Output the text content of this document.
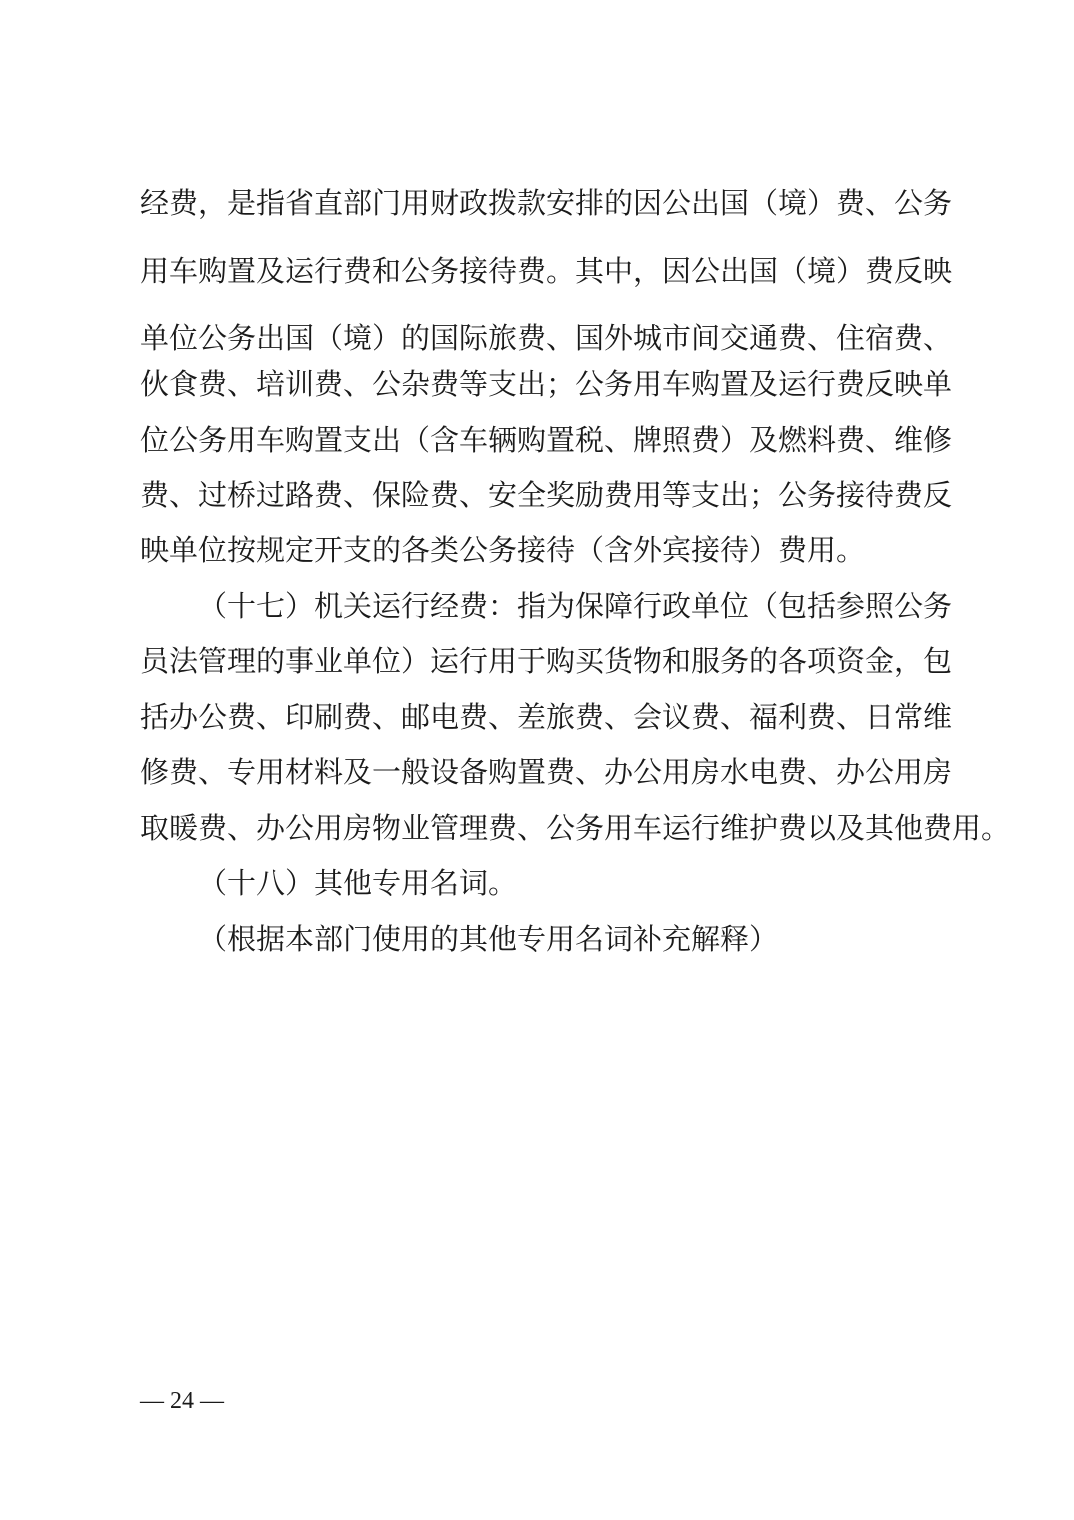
经费，是指省直部门用财政拨款安排的因公出国（境）费、公务
用车购置及运行费和公务接待费。其中，因公出国（境）费反映
单位公务出国（境）的国际旅费、国外城市间交通费、住宿费、
伙食费、培训费、公杂费等支出；公务用车购置及运行费反映单
位公务用车购置支出（含车辆购置税、牌照费）及燃料费、维修
费、过桥过路费、保险费、安全奖励费用等支出；公务接待费反
映单位按规定开支的各类公务接待（含外宾接待）费用。
（十七）机关运行经费：指为保障行政单位（包括参照公务
员法管理的事业单位）运行用于购买货物和服务的各项资金，包
括办公费、印刷费、邮电费、差旅费、会议费、福利费、日常维
修费、专用材料及一般设备购置费、办公用房水电费、办公用房
取暖费、办公用房物业管理费、公务用车运行维护费以及其他费用。
（十八）其他专用名词。
（根据本部门使用的其他专用名词补充解释）
— 24 —
